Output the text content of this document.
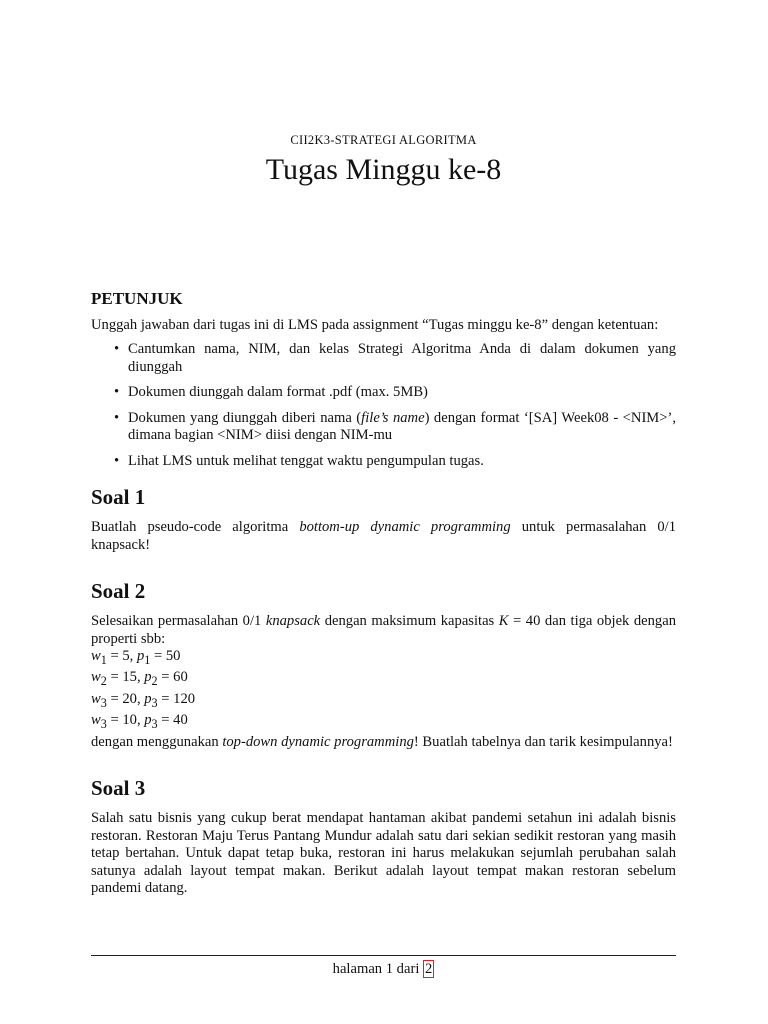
CII2K3-STRATEGI ALGORITMA
Tugas Minggu ke-8
PETUNJUK

Unggah jawaban dari tugas ini di LMS pada assignment “Tugas minggu ke-8” dengan ketentuan:

• Cantumkan nama, NIM, dan kelas Strategi Algoritma Anda di dalam dokumen yang diunggah
• Dokumen diunggah dalam format .pdf (max. 5MB)
• Dokumen yang diunggah diberi nama (file’s name) dengan format ‘[SA] Week08 - <NIM>’, dimana bagian <NIM> diisi dengan NIM-mu
• Lihat LMS untuk melihat tenggat waktu pengumpulan tugas.
Soal 1

Buatlah pseudo-code algoritma bottom-up dynamic programming untuk permasalahan 0/1 knapsack!

Soal 2

Selesaikan permasalahan 0/1 knapsack dengan maksimum kapasitas K = 40 dan tiga objek dengan properti sbb:

$w_1 = 5$, $p_1 = 50$
$w_2 = 15$, $p_2 = 60$
$w_3 = 20$, $p_3 = 120$
$w_3 = 10$, $p_3 = 40$

dengan menggunakan top-down dynamic programming! Buatlah tabelnya dan tarik kesimpulannya!

Soal 3

Salah satu bisnis yang cukup berat mendapat hantaman akibat pandemi setahun ini adalah bisnis restoran. Restoran Maju Terus Pantang Mundur adalah satu dari sekian sedikit restoran yang masih tetap bertahan. Untuk dapat tetap buka, restoran ini harus melakukan sejumlah perubahan salah satunya adalah layout tempat makan. Berikut adalah layout tempat makan restoran sebelum pandemi datang.

halaman 1 dari 2
